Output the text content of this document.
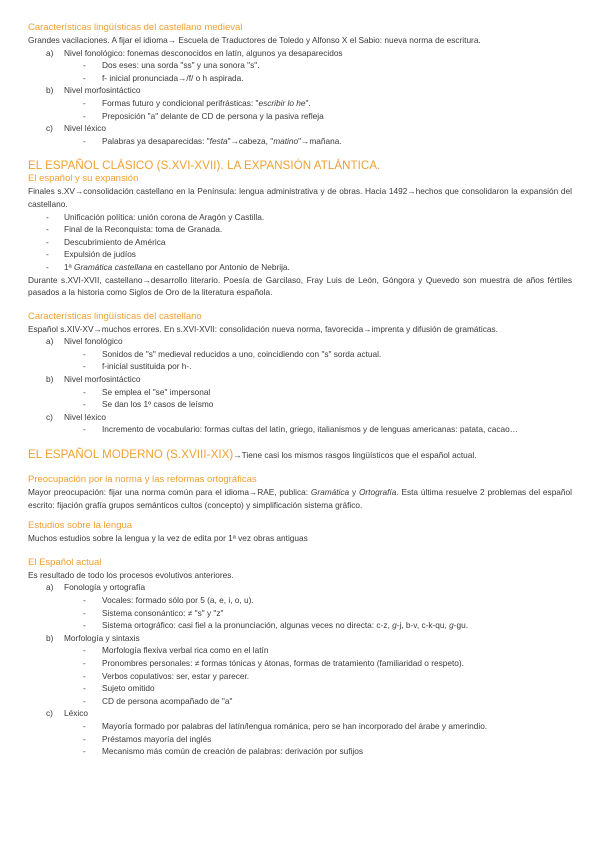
Características lingüísticas del castellano medieval

Grandes vacilaciones. A fijar el idioma→ Escuela de Traductores de Toledo y Alfonso X el Sabio: nueva norma de escritura.

a) Nivel fonológico: fonemas desconocidos en latín, algunos ya desaparecidos
- Dos eses: una sorda "ss" y una sonora "s".
- f- inicial pronunciada→/f/ o h aspirada.
b) Nivel morfosintáctico
- Formas futuro y condicional perifrásticas: "escribir lo he".
- Preposición "a" delante de CD de persona y la pasiva refleja
c) Nivel léxico
- Palabras ya desaparecidas: "festa"→cabeza, "matino"→mañana.

EL ESPAÑOL CLÁSICO (S.XVI-XVII). LA EXPANSIÓN ATLÁNTICA.

El español y su expansión

Finales s.XV→consolidación castellano en la Península: lengua administrativa y de obras. Hacia 1492→hechos que consolidaron la expansión del castellano.

- Unificación política: unión corona de Aragón y Castilla.
- Final de la Reconquista: toma de Granada.
- Descubrimiento de América
- Expulsión de judíos
- 1ª Gramática castellana en castellano por Antonio de Nebrija.

Durante s.XVI-XVII, castellano→desarrollo literario. Poesía de Garcilaso, Fray Luis de León, Góngora y Quevedo son muestra de años fértiles pasados a la historia como Siglos de Oro de la literatura española.

Características lingüísticas del castellano

Español s.XIV-XV→muchos errores. En s.XVI-XVII: consolidación nueva norma, favorecida→imprenta y difusión de gramáticas.

a) Nivel fonológico
- Sonidos de "s" medieval reducidos a uno, coincidiendo con "s" sorda actual.
- f-inicial sustituida por h-.
b) Nivel morfosintáctico
- Se emplea el "se" impersonal
- Se dan los 1º casos de leísmo
c) Nivel léxico
- Incremento de vocabulario: formas cultas del latín, griego, italianismos y de lenguas americanas: patata, cacao…

EL ESPAÑOL MODERNO (S.XVIII-XIX)→Tiene casi los mismos rasgos lingüísticos que el español actual.

Preocupación por la norma y las reformas ortográficas

Mayor preocupación: fijar una norma común para el idioma→RAE, publica: Gramática y Ortografía. Esta última resuelve 2 problemas del español escrito: fijación grafía grupos semánticos cultos (concepto) y simplificación sistema gráfico.

Estudios sobre la lengua

Muchos estudios sobre la lengua y la vez de edita por 1ª vez obras antiguas

El Español actual

Es resultado de todo los procesos evolutivos anteriores.

a) Fonología y ortografía
- Vocales: formado sólo por 5 (a, e, i, o, u).
- Sistema consonántico: ≠ "s" y "z"
- Sistema ortográfico: casi fiel a la pronunciación, algunas veces no directa: c-z, g-j, b-v, c-k-qu, g-gu.
b) Morfología y sintaxis
- Morfología flexiva verbal rica como en el latín
- Pronombres personales: ≠ formas tónicas y átonas, formas de tratamiento (familiaridad o respeto).
- Verbos copulativos: ser, estar y parecer.
- Sujeto omitido
- CD de persona acompañado de "a"
c) Léxico
- Mayoría formado por palabras del latín/lengua románica, pero se han incorporado del árabe y amerindio.
- Préstamos mayoría del inglés
- Mecanismo más común de creación de palabras: derivación por sufijos
